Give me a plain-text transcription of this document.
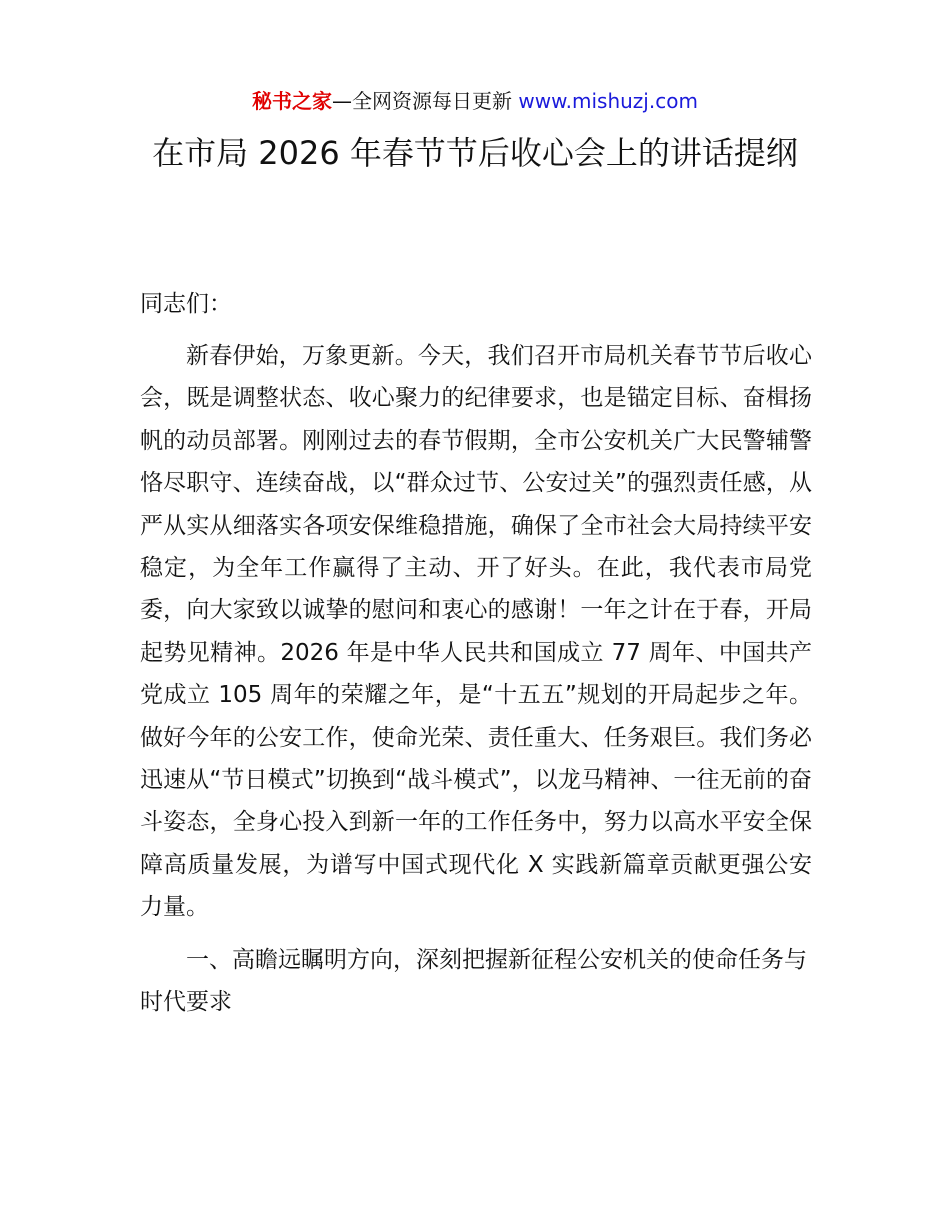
秘书之家—全网资源每日更新 www.mishuzj.com
在市局 2026 年春节节后收心会上的讲话提纲

同志们：

新春伊始，万象更新。今天，我们召开市局机关春节节后收心会，既是调整状态、收心聚力的纪律要求，也是锚定目标、奋楫扬帆的动员部署。刚刚过去的春节假期，全市公安机关广大民警辅警恪尽职守、连续奋战，以“群众过节、公安过关”的强烈责任感，从严从实从细落实各项安保维稳措施，确保了全市社会大局持续平安稳定，为全年工作赢得了主动、开了好头。在此，我代表市局党委，向大家致以诚挚的慰问和衷心的感谢！一年之计在于春，开局起势见精神。2026 年是中华人民共和国成立 77 周年、中国共产党成立 105 周年的荣耀之年，是“十五五”规划的开局起步之年。做好今年的公安工作，使命光荣、责任重大、任务艰巨。我们务必迅速从“节日模式”切换到“战斗模式”，以龙马精神、一往无前的奋斗姿态，全身心投入到新一年的工作任务中，努力以高水平安全保障高质量发展，为谱写中国式现代化 X 实践新篇章贡献更强公安力量。

一、高瞻远瞩明方向，深刻把握新征程公安机关的使命任务与时代要求
